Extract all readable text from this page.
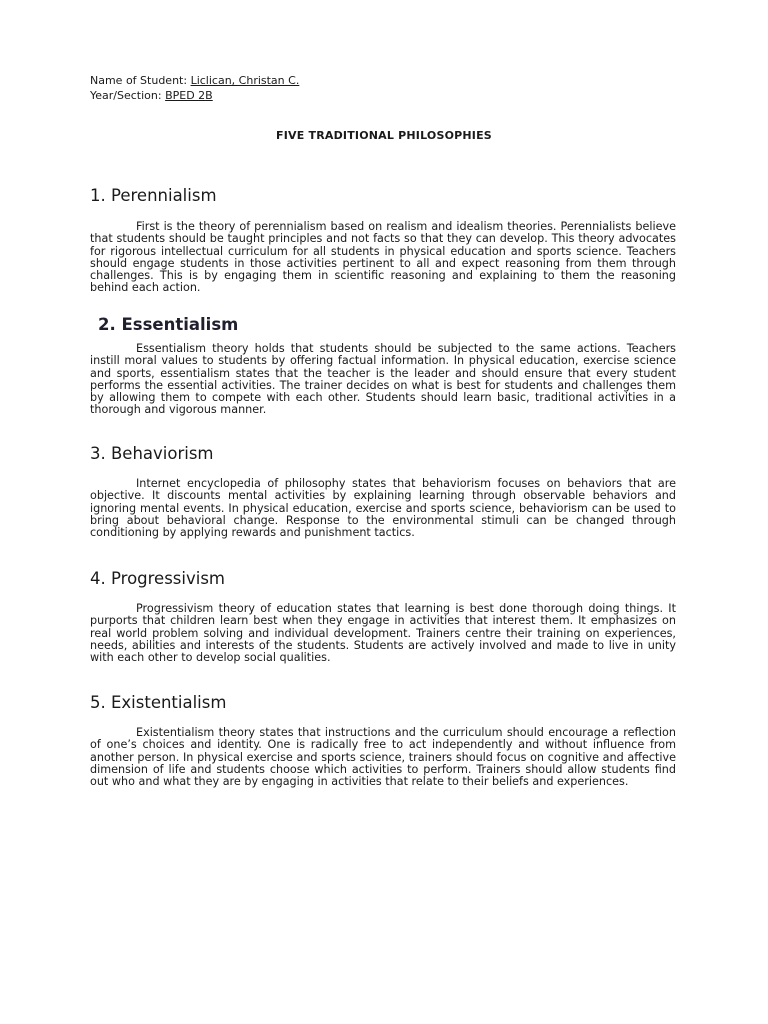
Name of Student: Liclican, Christan C.
Year/Section: BPED 2B
FIVE TRADITIONAL PHILOSOPHIES
1. Perennialism
First is the theory of perennialism based on realism and idealism theories. Perennialists believe that students should be taught principles and not facts so that they can develop. This theory advocates for rigorous intellectual curriculum for all students in physical education and sports science. Teachers should engage students in those activities pertinent to all and expect reasoning from them through challenges. This is by engaging them in scientific reasoning and explaining to them the reasoning behind each action.
2. Essentialism
Essentialism theory holds that students should be subjected to the same actions. Teachers instill moral values to students by offering factual information. In physical education, exercise science and sports, essentialism states that the teacher is the leader and should ensure that every student performs the essential activities. The trainer decides on what is best for students and challenges them by allowing them to compete with each other. Students should learn basic, traditional activities in a thorough and vigorous manner.
3. Behaviorism
Internet encyclopedia of philosophy states that behaviorism focuses on behaviors that are objective. It discounts mental activities by explaining learning through observable behaviors and ignoring mental events. In physical education, exercise and sports science, behaviorism can be used to bring about behavioral change. Response to the environmental stimuli can be changed through conditioning by applying rewards and punishment tactics.
4. Progressivism
Progressivism theory of education states that learning is best done thorough doing things. It purports that children learn best when they engage in activities that interest them. It emphasizes on real world problem solving and individual development. Trainers centre their training on experiences, needs, abilities and interests of the students. Students are actively involved and made to live in unity with each other to develop social qualities.
5. Existentialism
Existentialism theory states that instructions and the curriculum should encourage a reflection of one’s choices and identity. One is radically free to act independently and without influence from another person. In physical exercise and sports science, trainers should focus on cognitive and affective dimension of life and students choose which activities to perform. Trainers should allow students find out who and what they are by engaging in activities that relate to their beliefs and experiences.
